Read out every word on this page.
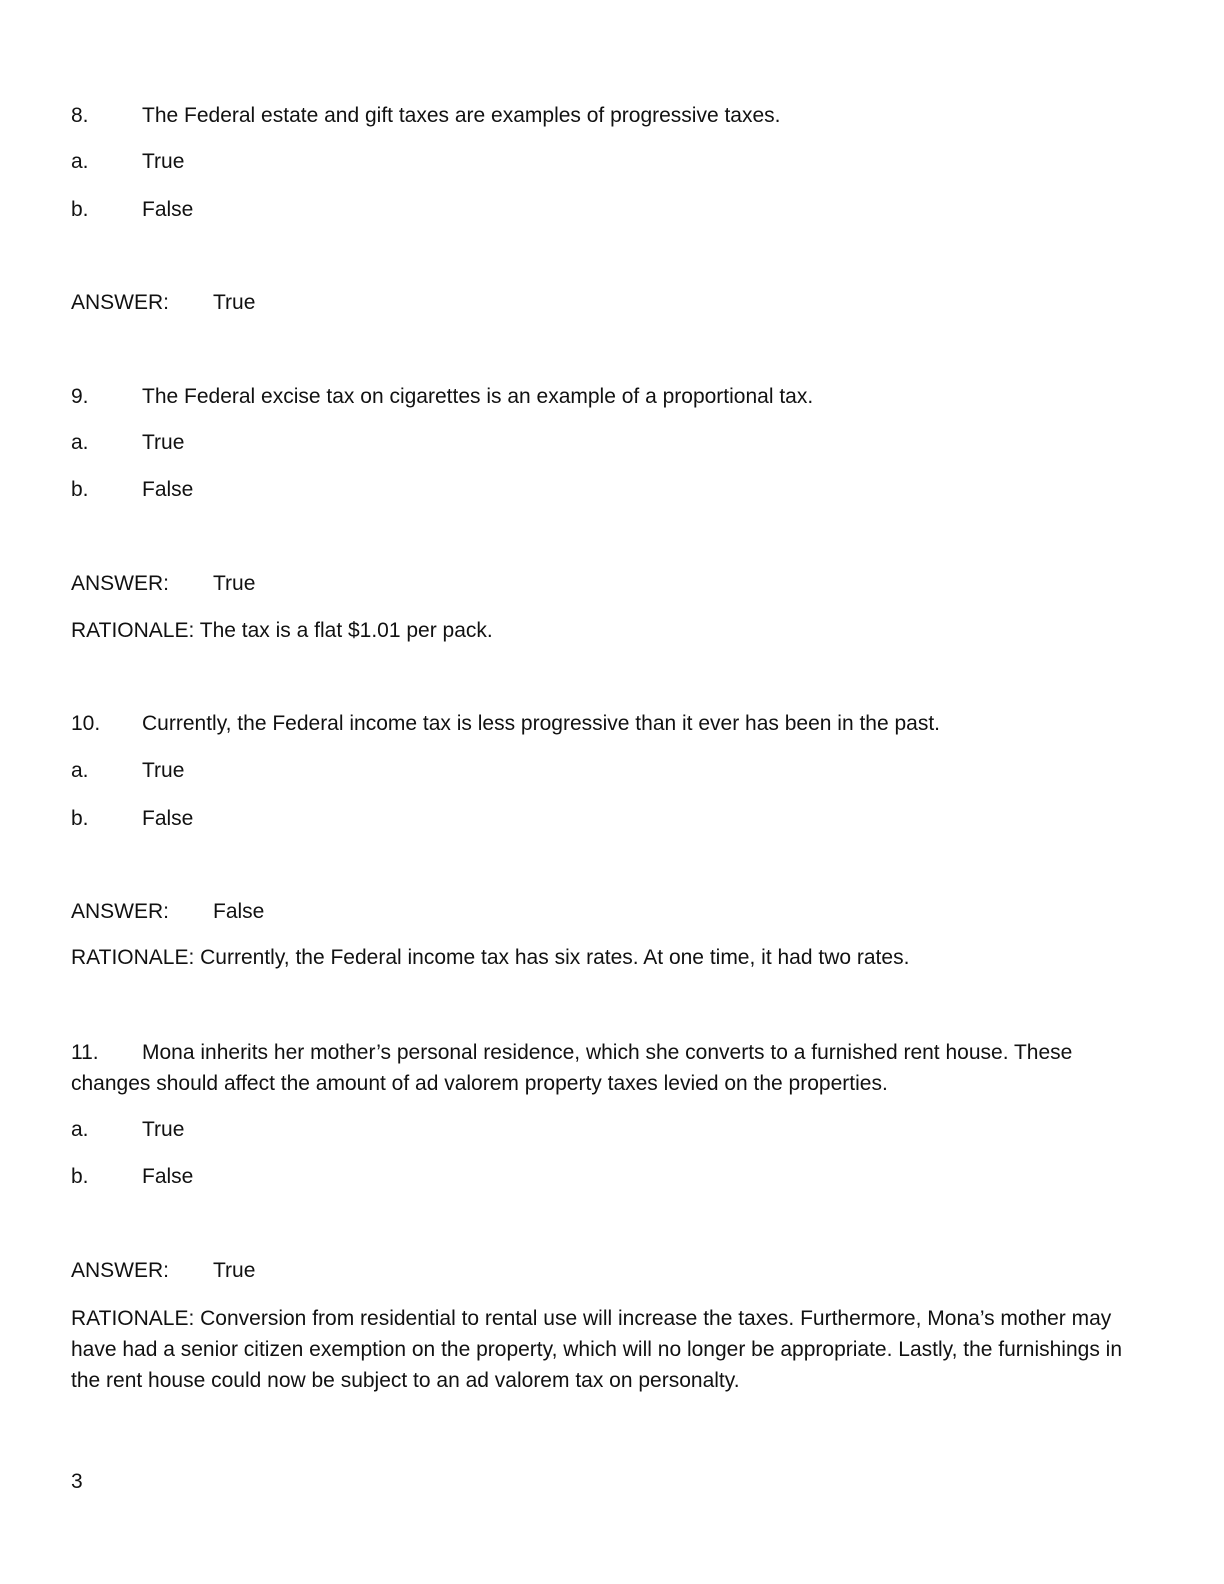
8.	The Federal estate and gift taxes are examples of progressive taxes.
a.	True
b.	False
ANSWER: True
9.	The Federal excise tax on cigarettes is an example of a proportional tax.
a.	True
b.	False
ANSWER: True
RATIONALE: The tax is a flat $1.01 per pack.
10. Currently, the Federal income tax is less progressive than it ever has been in the past.
a.	True
b.	False
ANSWER: False
RATIONALE: Currently, the Federal income tax has six rates. At one time, it had two rates.
11. Mona inherits her mother’s personal residence, which she converts to a furnished rent house. These changes should affect the amount of ad valorem property taxes levied on the properties.
a.	True
b.	False
ANSWER: True
RATIONALE: Conversion from residential to rental use will increase the taxes. Furthermore, Mona’s mother may have had a senior citizen exemption on the property, which will no longer be appropriate. Lastly, the furnishings in the rent house could now be subject to an ad valorem tax on personalty.
3
